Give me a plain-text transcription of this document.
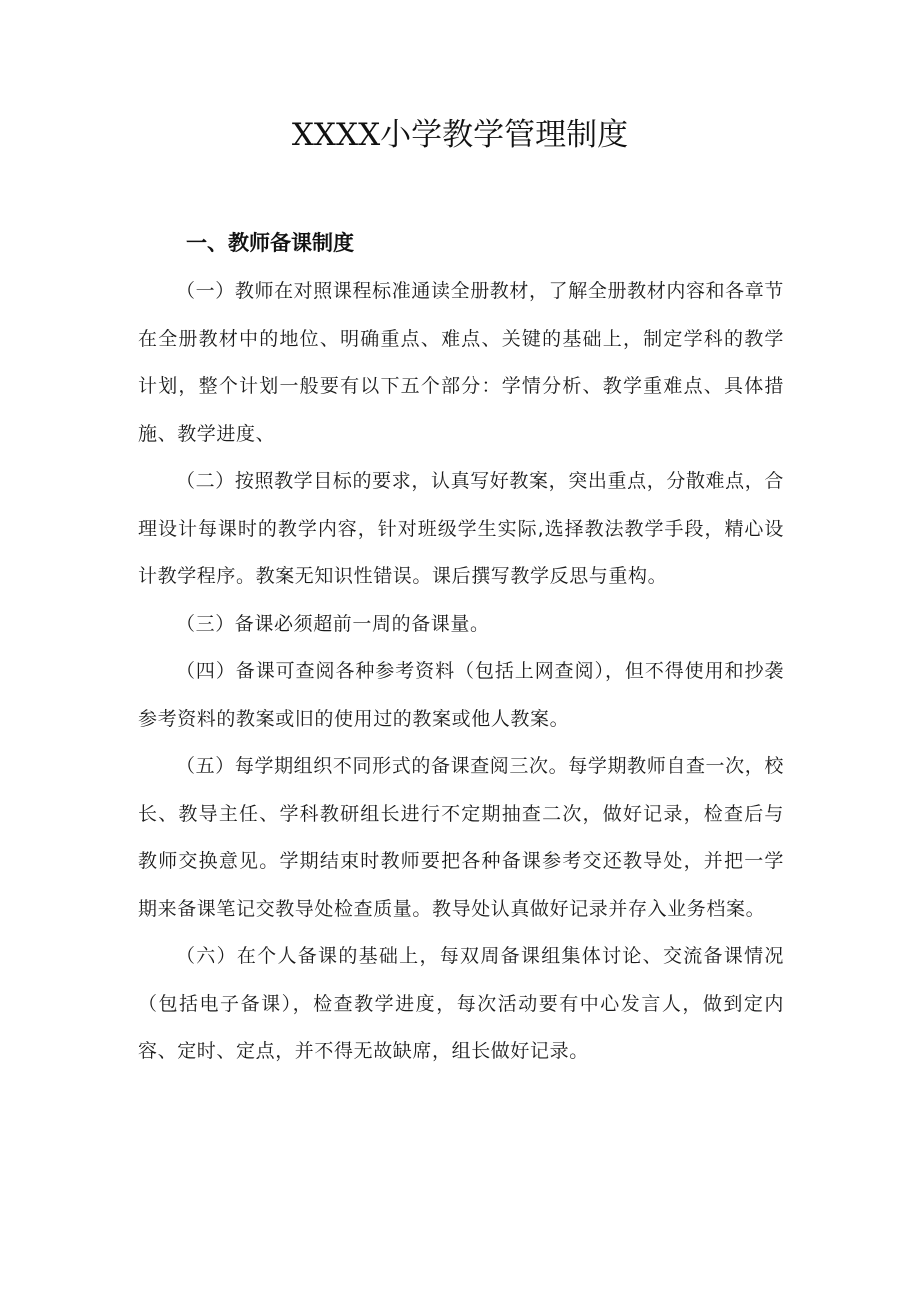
XXXX小学教学管理制度
一、教师备课制度

（一）教师在对照课程标准通读全册教材，了解全册教材内容和各章节在全册教材中的地位、明确重点、难点、关键的基础上，制定学科的教学计划，整个计划一般要有以下五个部分：学情分析、教学重难点、具体措施、教学进度、

（二）按照教学目标的要求，认真写好教案，突出重点，分散难点，合理设计每课时的教学内容，针对班级学生实际,选择教法教学手段，精心设计教学程序。教案无知识性错误。课后撰写教学反思与重构。

（三）备课必须超前一周的备课量。

（四）备课可查阅各种参考资料（包括上网查阅），但不得使用和抄袭参考资料的教案或旧的使用过的教案或他人教案。

（五）每学期组织不同形式的备课查阅三次。每学期教师自查一次，校长、教导主任、学科教研组长进行不定期抽查二次，做好记录，检查后与教师交换意见。学期结束时教师要把各种备课参考交还教导处，并把一学期来备课笔记交教导处检查质量。教导处认真做好记录并存入业务档案。

（六）在个人备课的基础上，每双周备课组集体讨论、交流备课情况（包括电子备课），检查教学进度，每次活动要有中心发言人，做到定内容、定时、定点，并不得无故缺席，组长做好记录。
